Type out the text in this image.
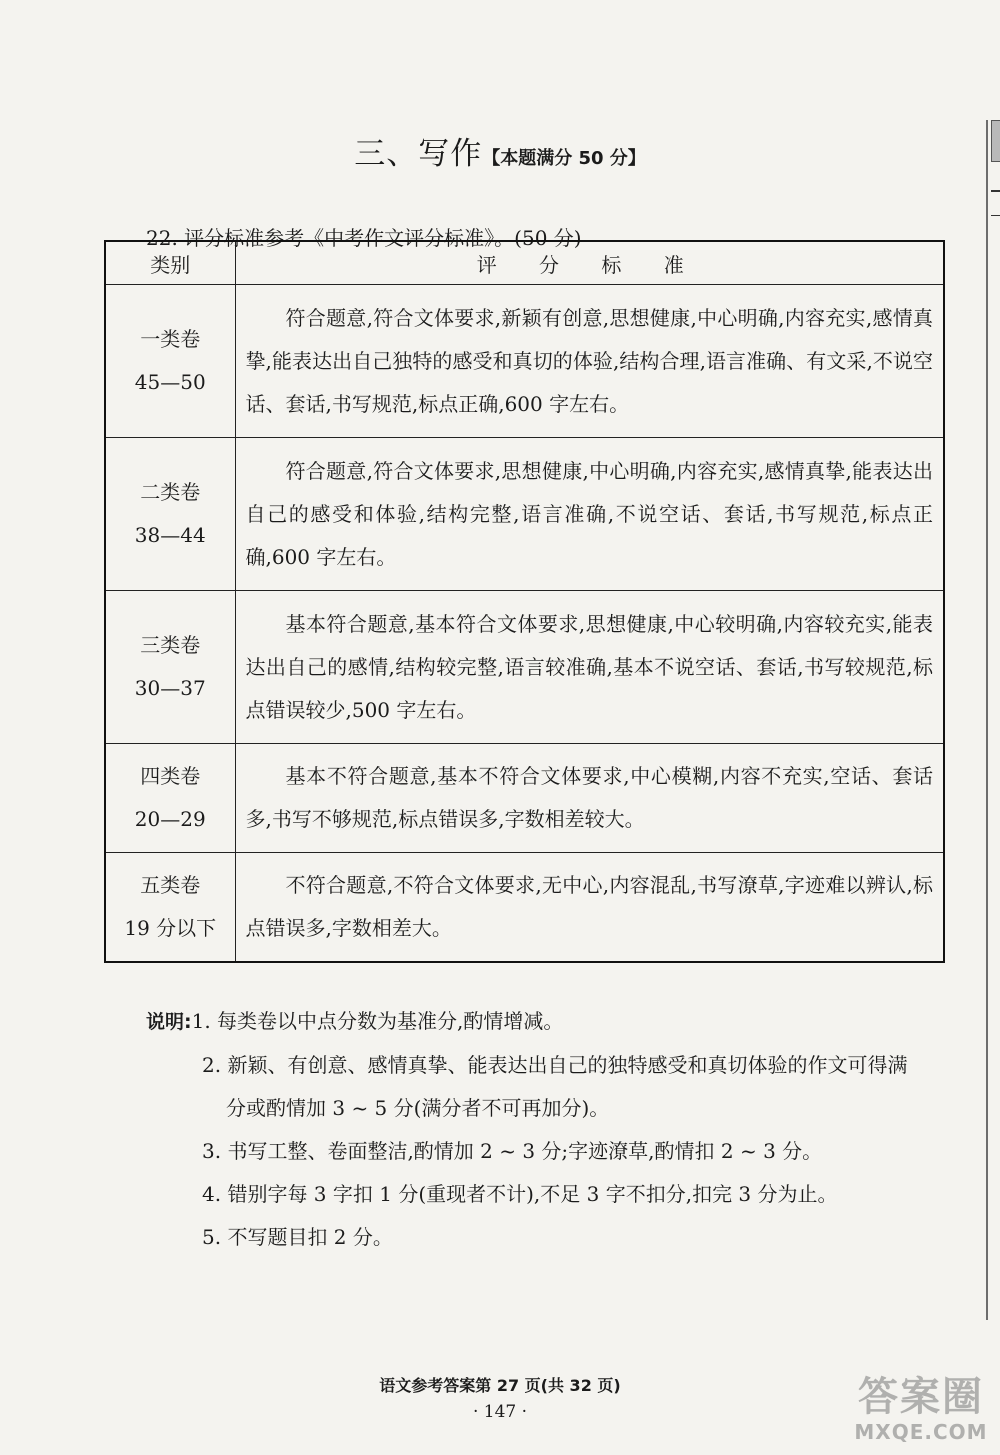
三、写作【本题满分 50 分】
22. 评分标准参考《中考作文评分标准》。(50 分)
类别	评 分 标 准

一类卷
45—50	符合题意,符合文体要求,新颖有创意,思想健康,中心明确,内容充实,感情真挚,能表达出自己独特的感受和真切的体验,结构合理,语言准确、有文采,不说空话、套话,书写规范,标点正确,600 字左右。

二类卷
38—44	符合题意,符合文体要求,思想健康,中心明确,内容充实,感情真挚,能表达出自己的感受和体验,结构完整,语言准确,不说空话、套话,书写规范,标点正确,600 字左右。

三类卷
30—37	基本符合题意,基本符合文体要求,思想健康,中心较明确,内容较充实,能表达出自己的感情,结构较完整,语言较准确,基本不说空话、套话,书写较规范,标点错误较少,500 字左右。

四类卷
20—29	基本不符合题意,基本不符合文体要求,中心模糊,内容不充实,空话、套话多,书写不够规范,标点错误多,字数相差较大。

五类卷
19 分以下	不符合题意,不符合文体要求,无中心,内容混乱,书写潦草,字迹难以辨认,标点错误多,字数相差大。
说明:1. 每类卷以中点分数为基准分,酌情增减。
2. 新颖、有创意、感情真挚、能表达出自己的独特感受和真切体验的作文可得满
分或酌情加 3 ~ 5 分(满分者不可再加分)。
3. 书写工整、卷面整洁,酌情加 2 ~ 3 分;字迹潦草,酌情扣 2 ~ 3 分。
4. 错别字每 3 字扣 1 分(重现者不计),不足 3 字不扣分,扣完 3 分为止。
5. 不写题目扣 2 分。
语文参考答案第 27 页(共 32 页)
· 147 ·	答案圈
MXQE.COM
